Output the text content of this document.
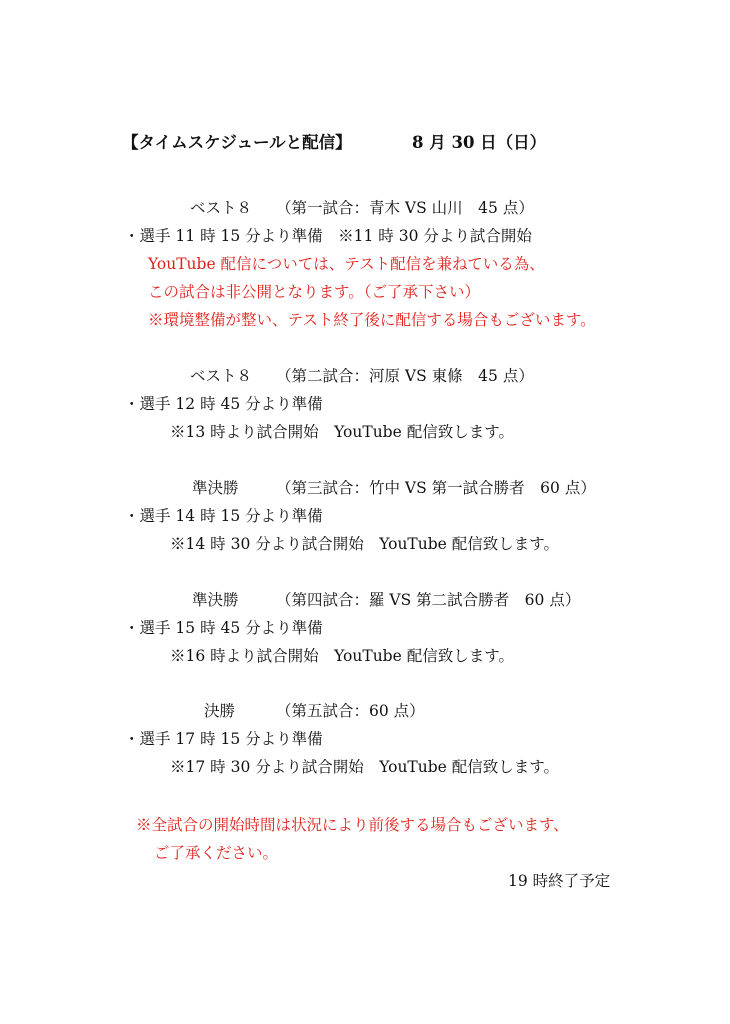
【タイムスケジュールと配信】	8 月 30 日（日）
ベスト８ （第一試合：青木 VS 山川　45 点）
・選手 11 時 15 分より準備　※11 時 30 分より試合開始
YouTube 配信については、テスト配信を兼ねている為、
この試合は非公開となります。（ご了承下さい）
※環境整備が整い、テスト終了後に配信する場合もございます。
ベスト８ （第二試合：河原 VS 東條　45 点）
・選手 12 時 45 分より準備
※13 時より試合開始　YouTube 配信致します。
準決勝 （第三試合：竹中 VS 第一試合勝者　60 点）
・選手 14 時 15 分より準備
※14 時 30 分より試合開始　YouTube 配信致します。
準決勝 （第四試合：羅 VS 第二試合勝者　60 点）
・選手 15 時 45 分より準備
※16 時より試合開始　YouTube 配信致します。
決勝	（第五試合：60 点）
・選手 17 時 15 分より準備
※17 時 30 分より試合開始　YouTube 配信致します。
※全試合の開始時間は状況により前後する場合もございます、
ご了承ください。
19 時終了予定
